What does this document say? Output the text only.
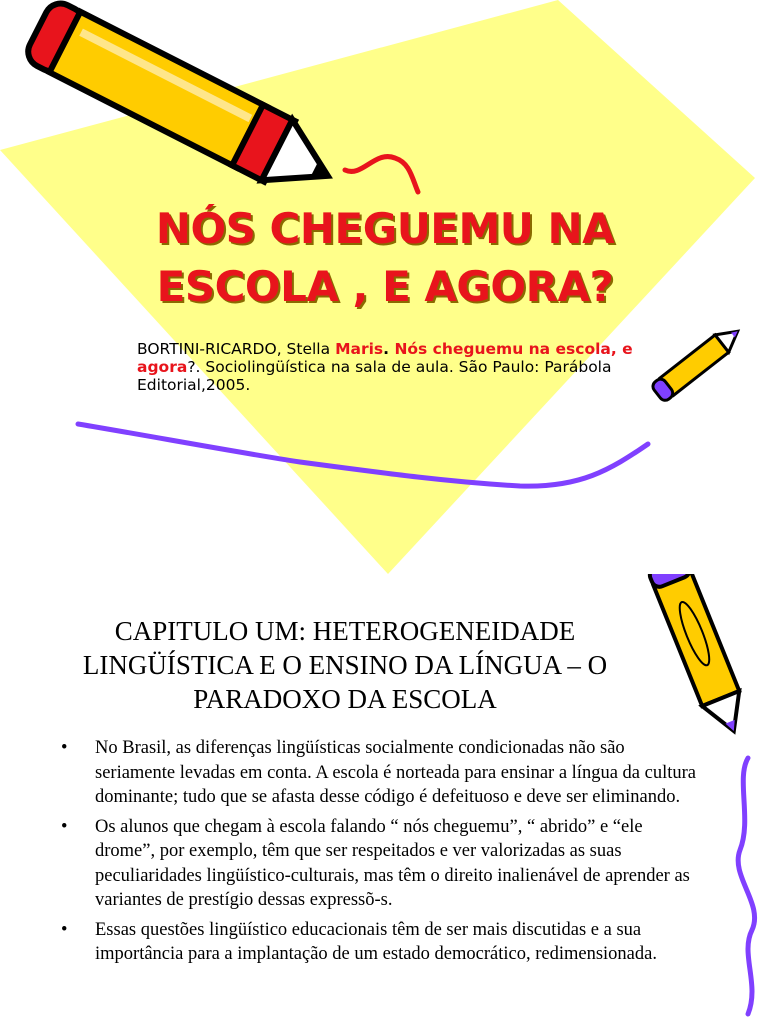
NÓS CHEGUEMU NA ESCOLA , E AGORA?
BORTINI-RICARDO, Stella Maris. Nós cheguemu na escola, e agora?. Sociolingüística na sala de aula. São Paulo: Parábola Editorial,2005.
CAPITULO UM: HETEROGENEIDADE LINGÜÍSTICA E O ENSINO DA LÍNGUA – O PARADOXO DA ESCOLA
• No Brasil, as diferenças lingüísticas socialmente condicionadas não são seriamente levadas em conta. A escola é norteada para ensinar a língua da cultura dominante; tudo que se afasta desse código é defeituoso e deve ser eliminando.
• Os alunos que chegam à escola falando “ nós cheguemu”, “ abrido” e “ele drome”, por exemplo, têm que ser respeitados e ver valorizadas as suas peculiaridades lingüístico-culturais, mas têm o direito inalienável de aprender as variantes de prestígio dessas expressõ-s.
• Essas questões lingüístico educacionais têm de ser mais discutidas e a sua importância para a implantação de um estado democrático, redimensionada.
